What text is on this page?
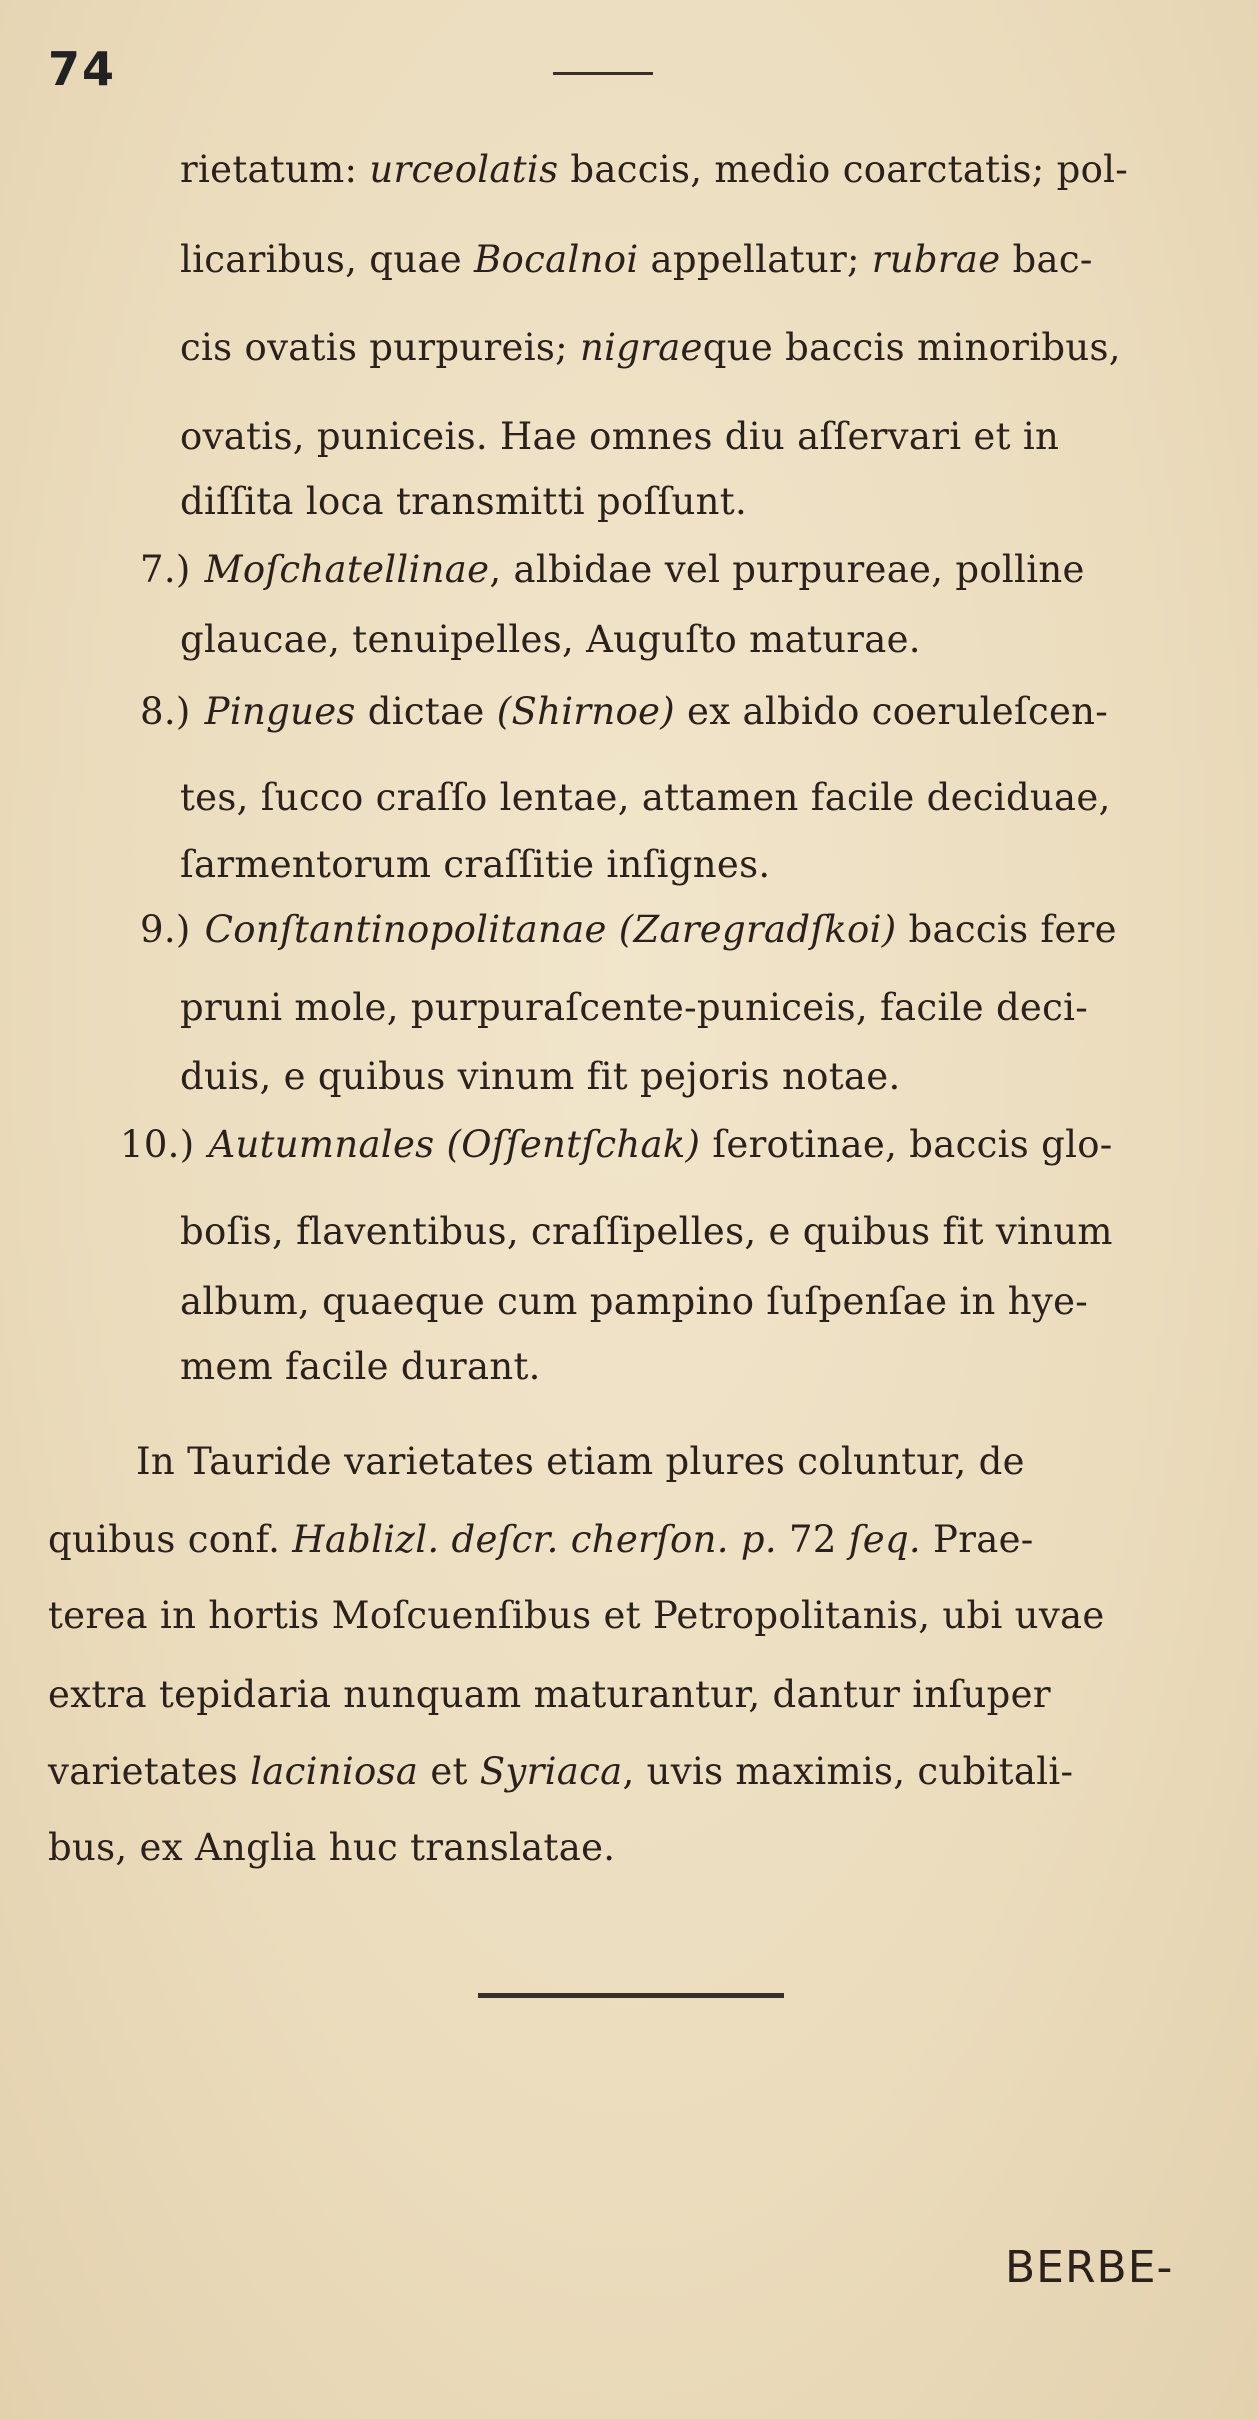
74
rietatum: urceolatis baccis, medio coarctatis; pol-
licaribus, quae Bocalnoi appellatur; rubrae bac-
cis ovatis purpureis; nigraeque baccis minoribus,
ovatis, puniceis. Hae omnes diu aſſervari et in
diſſita loca transmitti poſſunt.
7.) Moſchatellinae, albidae vel purpureae, polline
glaucae, tenuipelles, Auguſto maturae.
8.) Pingues dictae (Shirnoe) ex albido coeruleſcen-
tes, ſucco craſſo lentae, attamen facile deciduae,
ſarmentorum craſſitie inſignes.
9.) Conſtantinopolitanae (Zaregradſkoi) baccis fere
pruni mole, purpuraſcente-puniceis, facile deci-
duis, e quibus vinum fit pejoris notae.
10.) Autumnales (Oſſentſchak) ſerotinae, baccis glo-
boſis, flaventibus, craſſipelles, e quibus fit vinum
album, quaeque cum pampino ſuſpenſae in hye-
mem facile durant.
In Tauride varietates etiam plures coluntur, de
quibus conf. Hablizl. deſcr. cherſon. p. 72 ſeq. Prae-
terea in hortis Moſcuenſibus et Petropolitanis, ubi uvae
extra tepidaria nunquam maturantur, dantur inſuper
varietates laciniosa et Syriaca, uvis maximis, cubitali-
bus, ex Anglia huc translatae.
BERBE-
